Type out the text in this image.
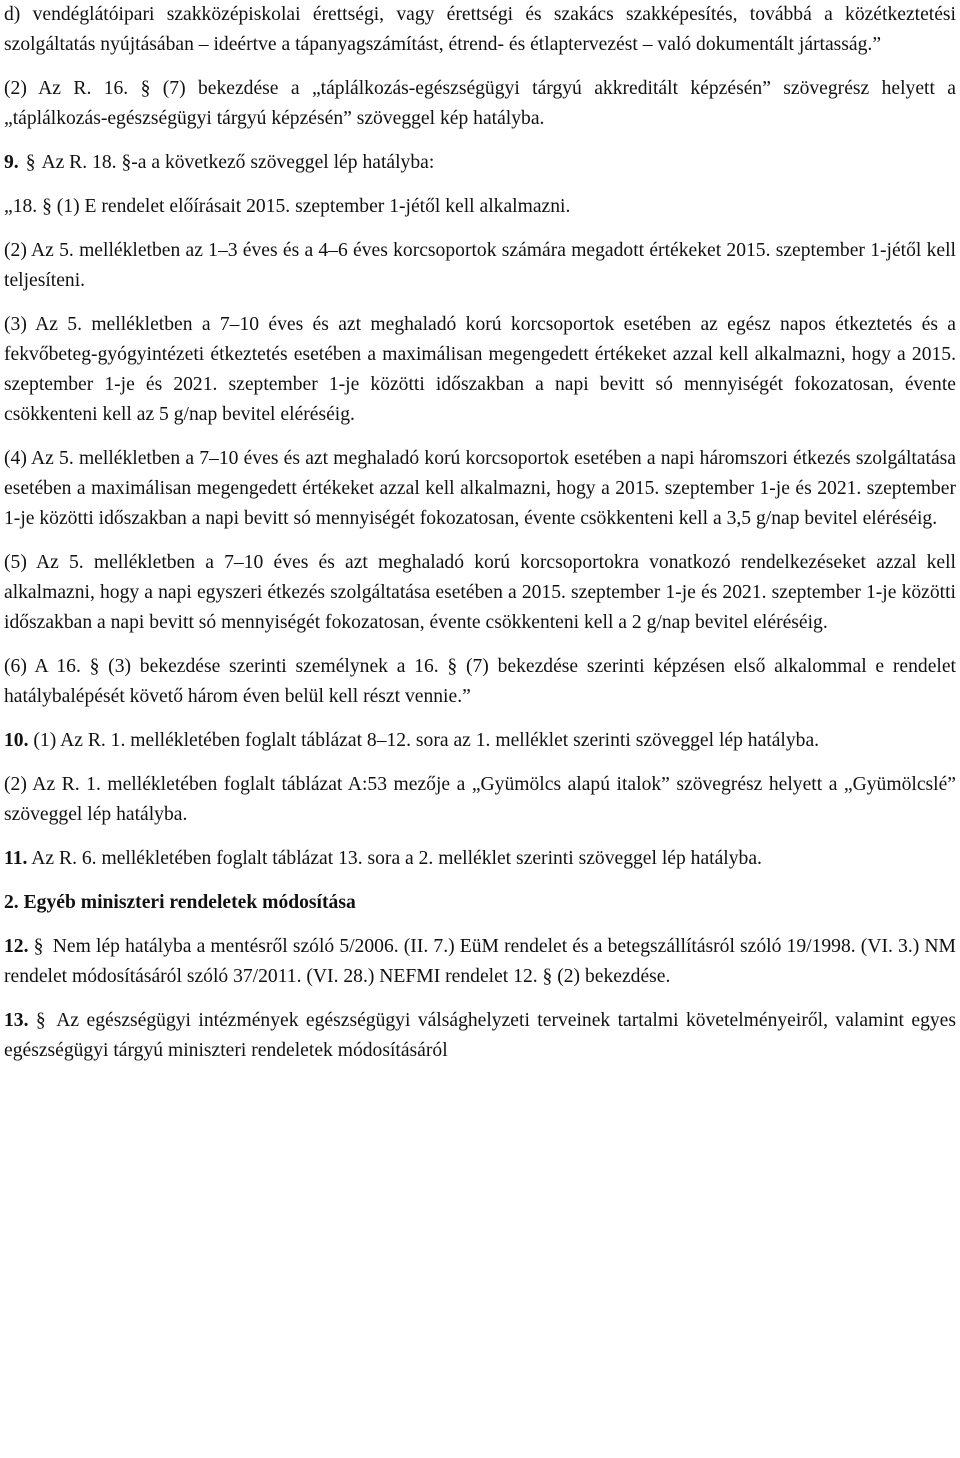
d) vendéglátóipari szakközépiskolai érettségi, vagy érettségi és szakács szakképesítés, továbbá a közétkeztetési szolgáltatás nyújtásában – ideértve a tápanyagszámítást, étrend- és étlaptervezést – való dokumentált jártasság.”

(2) Az R. 16. § (7) bekezdése a „táplálkozás-egészségügyi tárgyú akkreditált képzésén” szövegrész helyett a „táplálkozás-egészségügyi tárgyú képzésén” szöveggel kép hatályba.

9. § Az R. 18. §-a a következő szöveggel lép hatályba:

„18. § (1) E rendelet előírásait 2015. szeptember 1-jétől kell alkalmazni.

(2) Az 5. mellékletben az 1–3 éves és a 4–6 éves korcsoportok számára megadott értékeket 2015. szeptember 1-jétől kell teljesíteni.

(3) Az 5. mellékletben a 7–10 éves és azt meghaladó korú korcsoportok esetében az egész napos étkeztetés és a fekvőbeteg-gyógyintézeti étkeztetés esetében a maximálisan megengedett értékeket azzal kell alkalmazni, hogy a 2015. szeptember 1-je és 2021. szeptember 1-je közötti időszakban a napi bevitt só mennyiségét fokozatosan, évente csökkenteni kell az 5 g/nap bevitel eléréséig.

(4) Az 5. mellékletben a 7–10 éves és azt meghaladó korú korcsoportok esetében a napi háromszori étkezés szolgáltatása esetében a maximálisan megengedett értékeket azzal kell alkalmazni, hogy a 2015. szeptember 1-je és 2021. szeptember 1-je közötti időszakban a napi bevitt só mennyiségét fokozatosan, évente csökkenteni kell a 3,5 g/nap bevitel eléréséig.

(5) Az 5. mellékletben a 7–10 éves és azt meghaladó korú korcsoportokra vonatkozó rendelkezéseket azzal kell alkalmazni, hogy a napi egyszeri étkezés szolgáltatása esetében a 2015. szeptember 1-je és 2021. szeptember 1-je közötti időszakban a napi bevitt só mennyiségét fokozatosan, évente csökkenteni kell a 2 g/nap bevitel eléréséig.

(6) A 16. § (3) bekezdése szerinti személynek a 16. § (7) bekezdése szerinti képzésen első alkalommal e rendelet hatálybalépését követő három éven belül kell részt vennie.”

10. (1) Az R. 1. mellékletében foglalt táblázat 8–12. sora az 1. melléklet szerinti szöveggel lép hatályba.

(2) Az R. 1. mellékletében foglalt táblázat A:53 mezője a „Gyümölcs alapú italok” szövegrész helyett a „Gyümölcslé” szöveggel lép hatályba.

11. Az R. 6. mellékletében foglalt táblázat 13. sora a 2. melléklet szerinti szöveggel lép hatályba.

2. Egyéb miniszteri rendeletek módosítása

12. § Nem lép hatályba a mentésről szóló 5/2006. (II. 7.) EüM rendelet és a betegszállításról szóló 19/1998. (VI. 3.) NM rendelet módosításáról szóló 37/2011. (VI. 28.) NEFMI rendelet 12. § (2) bekezdése.

13. § Az egészségügyi intézmények egészségügyi válsághelyzeti terveinek tartalmi követelményeiről, valamint egyes egészségügyi tárgyú miniszteri rendeletek módosításáról
